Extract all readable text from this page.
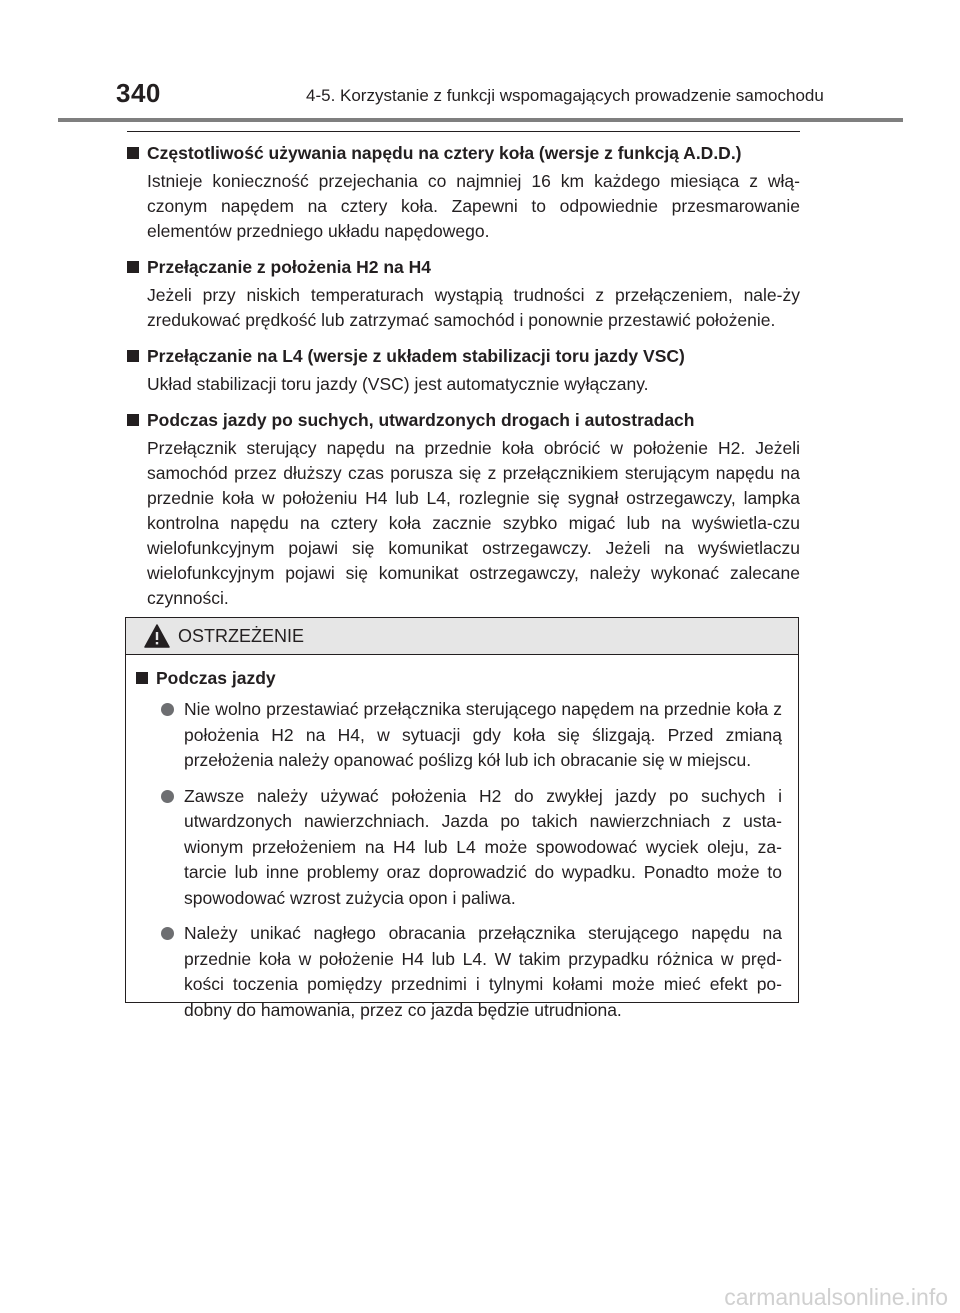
340	4-5. Korzystanie z funkcji wspomagających prowadzenie samochodu
Częstotliwość używania napędu na cztery koła (wersje z funkcją A.D.D.)
Istnieje konieczność przejechania co najmniej 16 km każdego miesiąca z włą-czonym napędem na cztery koła. Zapewni to odpowiednie przesmarowanie elementów przedniego układu napędowego.
Przełączanie z położenia H2 na H4
Jeżeli przy niskich temperaturach wystąpią trudności z przełączeniem, nale-ży zredukować prędkość lub zatrzymać samochód i ponownie przestawić położenie.
Przełączanie na L4 (wersje z układem stabilizacji toru jazdy VSC)
Układ stabilizacji toru jazdy (VSC) jest automatycznie wyłączany.
Podczas jazdy po suchych, utwardzonych drogach i autostradach
Przełącznik sterujący napędu na przednie koła obrócić w położenie H2. Jeżeli samochód przez dłuższy czas porusza się z przełącznikiem sterującym napędu na przednie koła w położeniu H4 lub L4, rozlegnie się sygnał ostrzegawczy, lampka kontrolna napędu na cztery koła zacznie szybko migać lub na wyświetla-czu wielofunkcyjnym pojawi się komunikat ostrzegawczy. Jeżeli na wyświetlaczu wielofunkcyjnym pojawi się komunikat ostrzegawczy, należy wykonać zalecane czynności.
OSTRZEŻENIE
Podczas jazdy
Nie wolno przestawiać przełącznika sterującego napędem na przednie koła z położenia H2 na H4, w sytuacji gdy koła się ślizgają. Przed zmianą przełożenia należy opanować poślizg kół lub ich obracanie się w miejscu.
Zawsze należy używać położenia H2 do zwykłej jazdy po suchych i utwardzonych nawierzchniach. Jazda po takich nawierzchniach z usta-wionym przełożeniem na H4 lub L4 może spowodować wyciek oleju, za-tarcie lub inne problemy oraz doprowadzić do wypadku. Ponadto może to spowodować wzrost zużycia opon i paliwa.
Należy unikać nagłego obracania przełącznika sterującego napędu na przednie koła w położenie H4 lub L4. W takim przypadku różnica w pręd-kości toczenia pomiędzy przednimi i tylnymi kołami może mieć efekt po-dobny do hamowania, przez co jazda będzie utrudniona.
carmanualsonline.info
